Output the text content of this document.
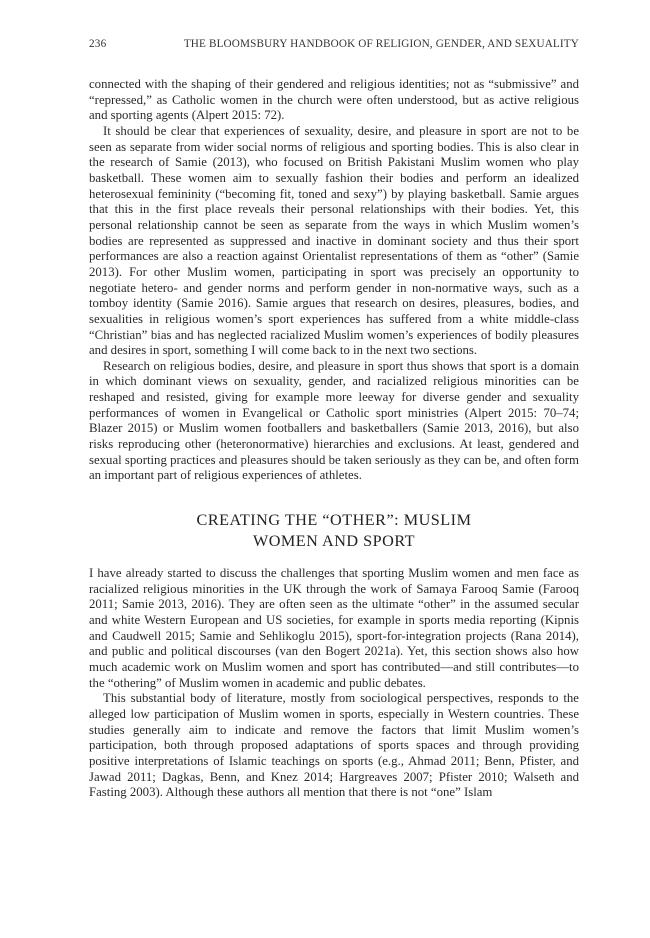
236	THE BLOOMSBURY HANDBOOK OF RELIGION, GENDER, AND SEXUALITY

connected with the shaping of their gendered and religious identities; not as “submissive” and “repressed,” as Catholic women in the church were often understood, but as active religious and sporting agents (Alpert 2015: 72).

It should be clear that experiences of sexuality, desire, and pleasure in sport are not to be seen as separate from wider social norms of religious and sporting bodies. This is also clear in the research of Samie (2013), who focused on British Pakistani Muslim women who play basketball. These women aim to sexually fashion their bodies and perform an idealized heterosexual femininity (“becoming fit, toned and sexy”) by playing basketball. Samie argues that this in the first place reveals their personal relationships with their bodies. Yet, this personal relationship cannot be seen as separate from the ways in which Muslim women’s bodies are represented as suppressed and inactive in dominant society and thus their sport performances are also a reaction against Orientalist representations of them as “other” (Samie 2013). For other Muslim women, participating in sport was precisely an opportunity to negotiate hetero- and gender norms and perform gender in non-normative ways, such as a tomboy identity (Samie 2016). Samie argues that research on desires, pleasures, bodies, and sexualities in religious women’s sport experiences has suffered from a white middle-class “Christian” bias and has neglected racialized Muslim women’s experiences of bodily pleasures and desires in sport, something I will come back to in the next two sections.

Research on religious bodies, desire, and pleasure in sport thus shows that sport is a domain in which dominant views on sexuality, gender, and racialized religious minorities can be reshaped and resisted, giving for example more leeway for diverse gender and sexuality performances of women in Evangelical or Catholic sport ministries (Alpert 2015: 70–74; Blazer 2015) or Muslim women footballers and basketballers (Samie 2013, 2016), but also risks reproducing other (heteronormative) hierarchies and exclusions. At least, gendered and sexual sporting practices and pleasures should be taken seriously as they can be, and often form an important part of religious experiences of athletes.

CREATING THE “OTHER”: MUSLIM
WOMEN AND SPORT

I have already started to discuss the challenges that sporting Muslim women and men face as racialized religious minorities in the UK through the work of Samaya Farooq Samie (Farooq 2011; Samie 2013, 2016). They are often seen as the ultimate “other” in the assumed secular and white Western European and US societies, for example in sports media reporting (Kipnis and Caudwell 2015; Samie and Sehlikoglu 2015), sport-for-integration projects (Rana 2014), and public and political discourses (van den Bogert 2021a). Yet, this section shows also how much academic work on Muslim women and sport has contributed—and still contributes—to the “othering” of Muslim women in academic and public debates.

This substantial body of literature, mostly from sociological perspectives, responds to the alleged low participation of Muslim women in sports, especially in Western countries. These studies generally aim to indicate and remove the factors that limit Muslim women’s participation, both through proposed adaptations of sports spaces and through providing positive interpretations of Islamic teachings on sports (e.g., Ahmad 2011; Benn, Pfister, and Jawad 2011; Dagkas, Benn, and Knez 2014; Hargreaves 2007; Pfister 2010; Walseth and Fasting 2003). Although these authors all mention that there is not “one” Islam
